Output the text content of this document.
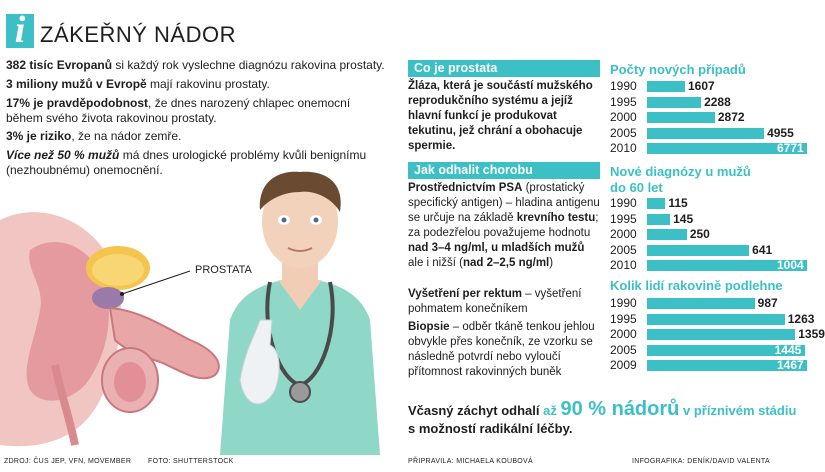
i ZÁKEŘNÝ NÁDOR
382 tisíc Evropanů si každý rok vyslechne diagnózu rakovina prostaty.
3 miliony mužů v Evropě mají rakovinu prostaty.
17% je pravděpodobnost, že dnes narozený chlapec onemocní během svého života rakovinou prostaty.
3% je riziko, že na nádor zemře.
Více než 50 % mužů má dnes urologické problémy kvůli benignímu (nezhoubnému) onemocnění.
PROSTATA
Co je prostata
Žláza, která je součástí mužského reprodukčního systému a jejíž hlavní funkcí je produkovat tekutinu, jež chrání a obohacuje spermie.
Jak odhalit chorobu
Prostřednictvím PSA (prostatický specifický antigen) – hladina antigenu se určuje na základě krevního testu; za podezřelou považujeme hodnotu nad 3–4 ng/ml, u mladších mužů ale i nižší (nad 2–2,5 ng/ml)
Vyšetření per rektum – vyšetření pohmatem konečníkem
Biopsie – odběr tkáně tenkou jehlou obvykle přes konečník, ze vzorku se následně potvrdí nebo vyloučí přítomnost rakovinných buněk
Počty nových případů
1990	1607
1995	2288
2000	2872
2005	4955
2010	6771
Nové diagnózy u mužů do 60 let
1990	115
1995	145
2000	250
2005	641
2010	1004
Kolik lidí rakovině podlehne
1990	987
1995	1263
2000	1359
2005	1445
2009	1467
Včasný záchyt odhalí až 90 % nádorů v příznivém stádiu s možností radikální léčby.
ZDROJ: ČUS JEP, VFN, MOVEMBER FOTO: SHUTTERSTOCK	PŘIPRAVILA: MICHAELA KOUBOVÁ	INFOGRAFIKA: DENÍK/DAVID VALENTA
